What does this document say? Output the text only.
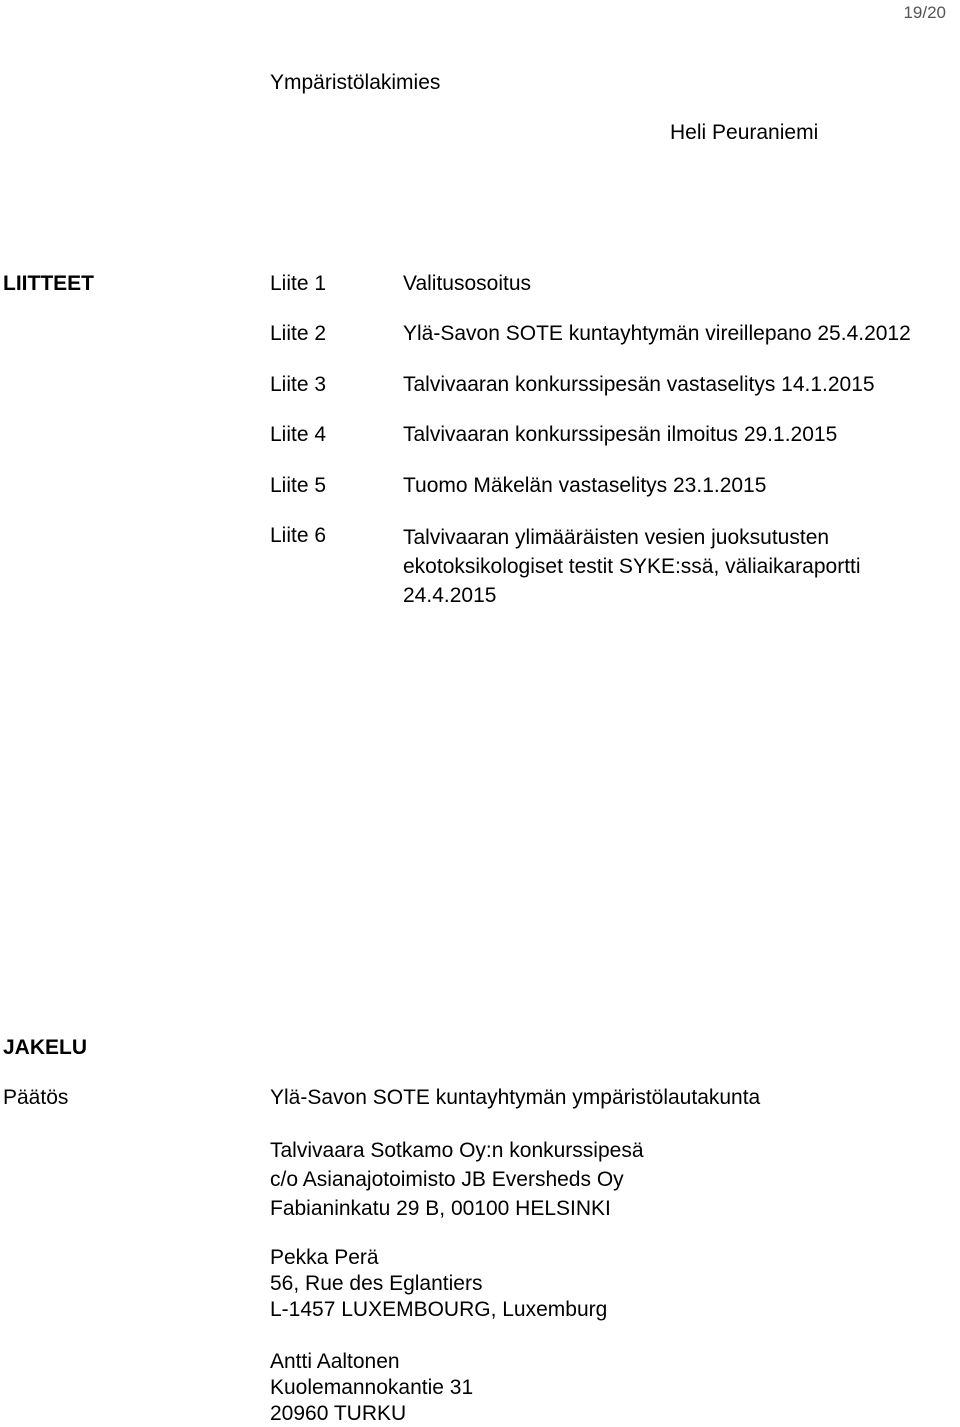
19/20
Ympäristölakimies
Heli Peuraniemi
LIITTEET	Liite 1	Valitusosoitus
Liite 2	Ylä-Savon SOTE kuntayhtymän vireillepano 25.4.2012
Liite 3	Talvivaaran konkurssipesän vastaselitys 14.1.2015
Liite 4	Talvivaaran konkurssipesän ilmoitus 29.1.2015
Liite 5	Tuomo Mäkelän vastaselitys 23.1.2015
Liite 6	Talvivaaran ylimääräisten vesien juoksutusten
ekotoksikologiset testit SYKE:ssä, väliaikaraportti
24.4.2015
JAKELU
Päätös	Ylä-Savon SOTE kuntayhtymän ympäristölautakunta
Talvivaara Sotkamo Oy:n konkurssipesä
c/o Asianajotoimisto JB Eversheds Oy
Fabianinkatu 29 B, 00100 HELSINKI
Pekka Perä
56, Rue des Eglantiers
L-1457 LUXEMBOURG, Luxemburg
Antti Aaltonen
Kuolemannokantie 31
20960 TURKU
